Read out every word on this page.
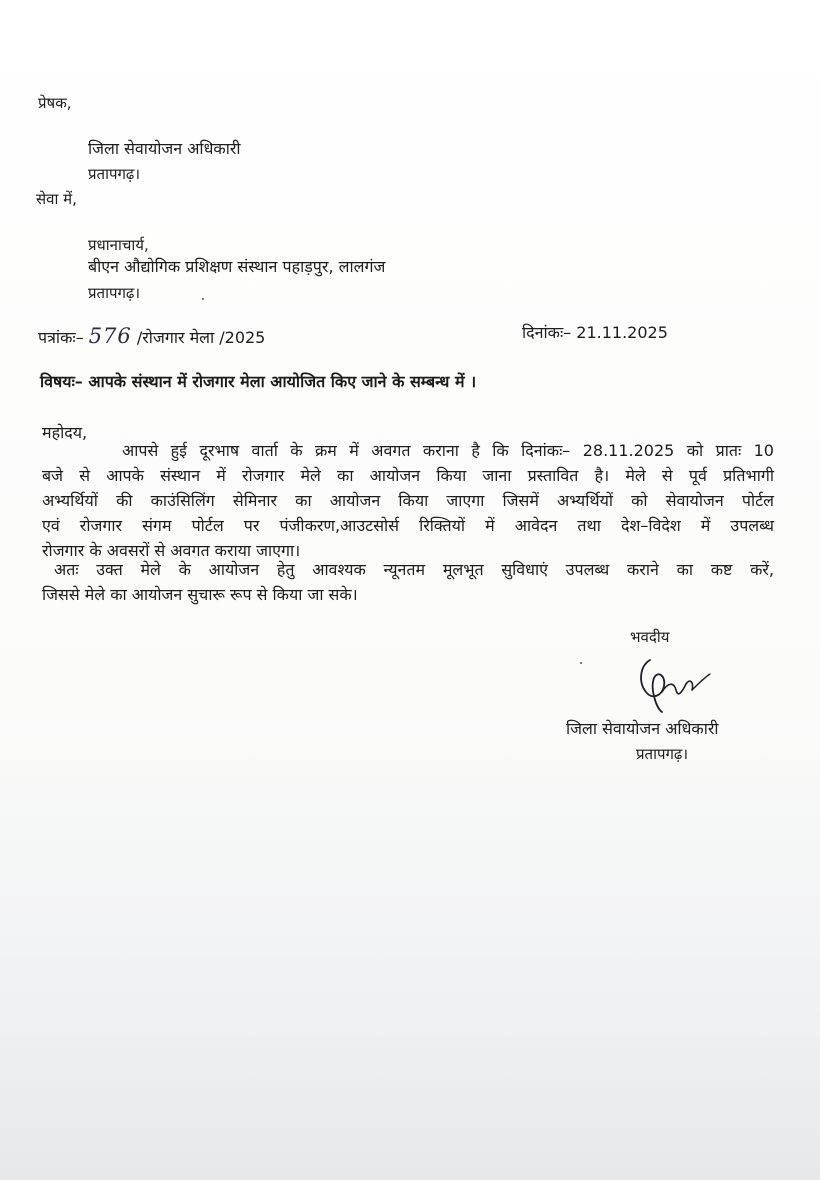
प्रेषक,
जिला सेवायोजन अधिकारी
प्रतापगढ़।
सेवा में,
प्रधानाचार्य,
बीएन औद्योगिक प्रशिक्षण संस्थान पहाड़पुर, लालगंज
प्रतापगढ़।
पत्रांकः– 576 /रोजगार मेला /2025	दिनांकः– 21.11.2025
विषयः– आपके संस्थान में रोजगार मेला आयोजित किए जाने के सम्बन्ध में ।
महोदय,
आपसे हुई दूरभाष वार्ता के क्रम में अवगत कराना है कि दिनांकः– 28.11.2025 को प्रातः 10
बजे से आपके संस्थान में रोजगार मेले का आयोजन किया जाना प्रस्तावित है। मेले से पूर्व प्रतिभागी
अभ्यर्थियों की काउंसिलिंग सेमिनार का आयोजन किया जाएगा जिसमें अभ्यर्थियों को सेवायोजन पोर्टल
एवं रोजगार संगम पोर्टल पर पंजीकरण,आउटसोर्स रिक्तियों में आवेदन तथा देश–विदेश में उपलब्ध
रोजगार के अवसरों से अवगत कराया जाएगा।
अतः उक्त मेले के आयोजन हेतु आवश्यक न्यूनतम मूलभूत सुविधाएं उपलब्ध कराने का कष्ट करें,
जिससे मेले का आयोजन सुचारू रूप से किया जा सके।
भवदीय
जिला सेवायोजन अधिकारी
प्रतापगढ़।
